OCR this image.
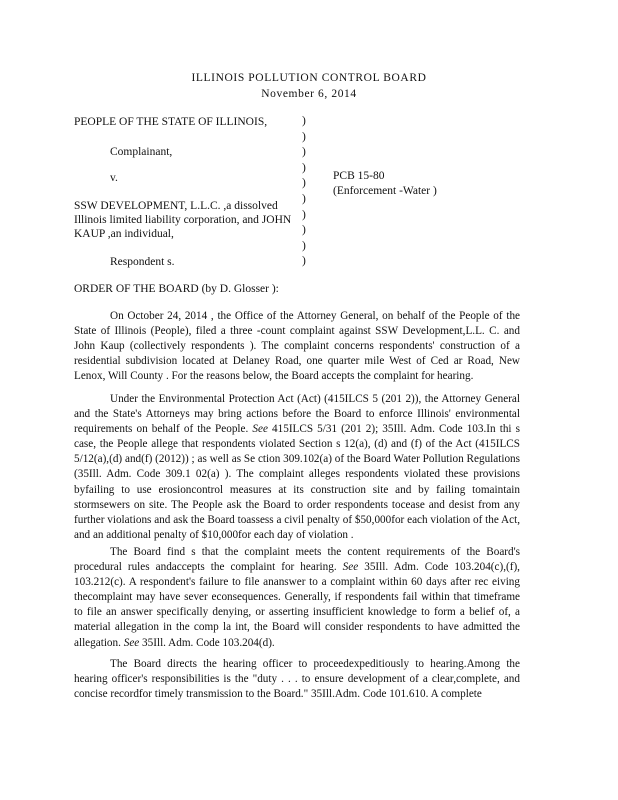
ILLINOIS POLLUTION CONTROL BOARD
November 6, 2014
PEOPLE OF THE STATE OF ILLINOIS,
Complainant,
v.	PCB 15-80
(Enforcement -Water )
SSW DEVELOPMENT, L.L.C. ,a dissolved
Illinois limited liability corporation, and JOHN
KAUP ,an individual,
Respondent s.
)
)
)
)
)
)
)
)
)
)
ORDER OF THE BOARD (by D. Glosser ):

On October 24, 2014 , the Office of the Attorney General, on behalf of the People of the State of Illinois (People), filed a three -count complaint against SSW Development,L.L. C. and John Kaup (collectively respondents ). The complaint concerns respondents' construction of a residential subdivision located at Delaney Road, one quarter mile West of Ced ar Road, New Lenox, Will County . For the reasons below, the Board accepts the complaint for hearing.

Under the Environmental Protection Act (Act) (415ILCS 5 (201 2)), the Attorney General and the State's Attorneys may bring actions before the Board to enforce Illinois' environmental requirements on behalf of the People. See 415ILCS 5/31 (201 2); 35Ill. Adm. Code 103.In thi s case, the People allege that respondents violated Section s 12(a), (d) and (f) of the Act (415ILCS 5/12(a),(d) and(f) (2012)) ; as well as Se ction 309.102(a) of the Board Water Pollution Regulations (35Ill. Adm. Code 309.1 02(a) ). The complaint alleges respondents violated these provisions byfailing to use erosioncontrol measures at its construction site and by failing tomaintain stormsewers on site. The People ask the Board to order respondents tocease and desist from any further violations and ask the Board toassess a civil penalty of $50,000for each violation of the Act, and an additional penalty of $10,000for each day of violation .

The Board find s that the complaint meets the content requirements of the Board's procedural rules andaccepts the complaint for hearing. See 35Ill. Adm. Code 103.204(c),(f), 103.212(c). A respondent's failure to file ananswer to a complaint within 60 days after rec eiving thecomplaint may have sever econsequences. Generally, if respondents fail within that timeframe to file an answer specifically denying, or asserting insufficient knowledge to form a belief of, a material allegation in the comp la int, the Board will consider respondents to have admitted the allegation. See 35Ill. Adm. Code 103.204(d).

The Board directs the hearing officer to proceedexpeditiously to hearing.Among the hearing officer's responsibilities is the "duty . . . to ensure development of a clear,complete, and concise recordfor timely transmission to the Board." 35Ill.Adm. Code 101.610. A complete
